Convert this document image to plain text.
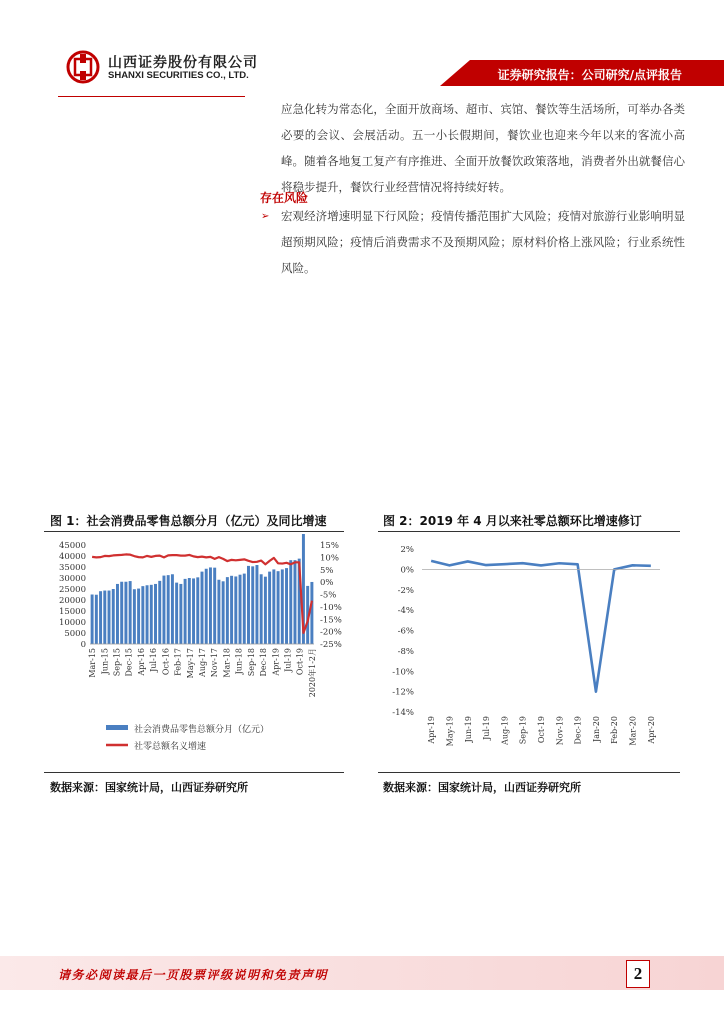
山西证券股份有限公司
SHANXI SECURITIES CO., LTD.	证券研究报告：公司研究/点评报告
应急化转为常态化，全面开放商场、超市、宾馆、餐饮等生活场所，可举办各类必要的会议、会展活动。五一小长假期间，餐饮业也迎来今年以来的客流小高峰。随着各地复工复产有序推进、全面开放餐饮政策落地，消费者外出就餐信心将稳步提升，餐饮行业经营情况将持续好转。
存在风险
➢ 宏观经济增速明显下行风险；疫情传播范围扩大风险；疫情对旅游行业影响明显超预期风险；疫情后消费需求不及预期风险；原材料价格上涨风险；行业系统性风险。
图 1：社会消费品零售总额分月（亿元）及同比增速
45000
40000
35000
30000
25000
20000
15000
10000
5000
0
15%
10%
5%
0%
-5%
-10%
-15%
-20%
-25%
Mar-15 Jun-15 Sep-15 Dec-15 Apr-16 Jul-16 Oct-16 Feb-17 May-17 Aug-17 Nov-17 Mar-18 Jun-18 Sep-18 Dec-18 Apr-19 Jul-19 Oct-19 2020年1-2月
社会消费品零售总额分月（亿元）
社零总额名义增速
数据来源：国家统计局，山西证券研究所
图 2：2019 年 4 月以来社零总额环比增速修订
2%
0%
-2%
-4%
-6%
-8%
-10%
-12%
-14%
Apr-19 May-19 Jun-19 Jul-19 Aug-19 Sep-19 Oct-19 Nov-19 Dec-19 Jan-20 Feb-20 Mar-20 Apr-20
数据来源：国家统计局，山西证券研究所
请务必阅读最后一页股票评级说明和免责声明	2
